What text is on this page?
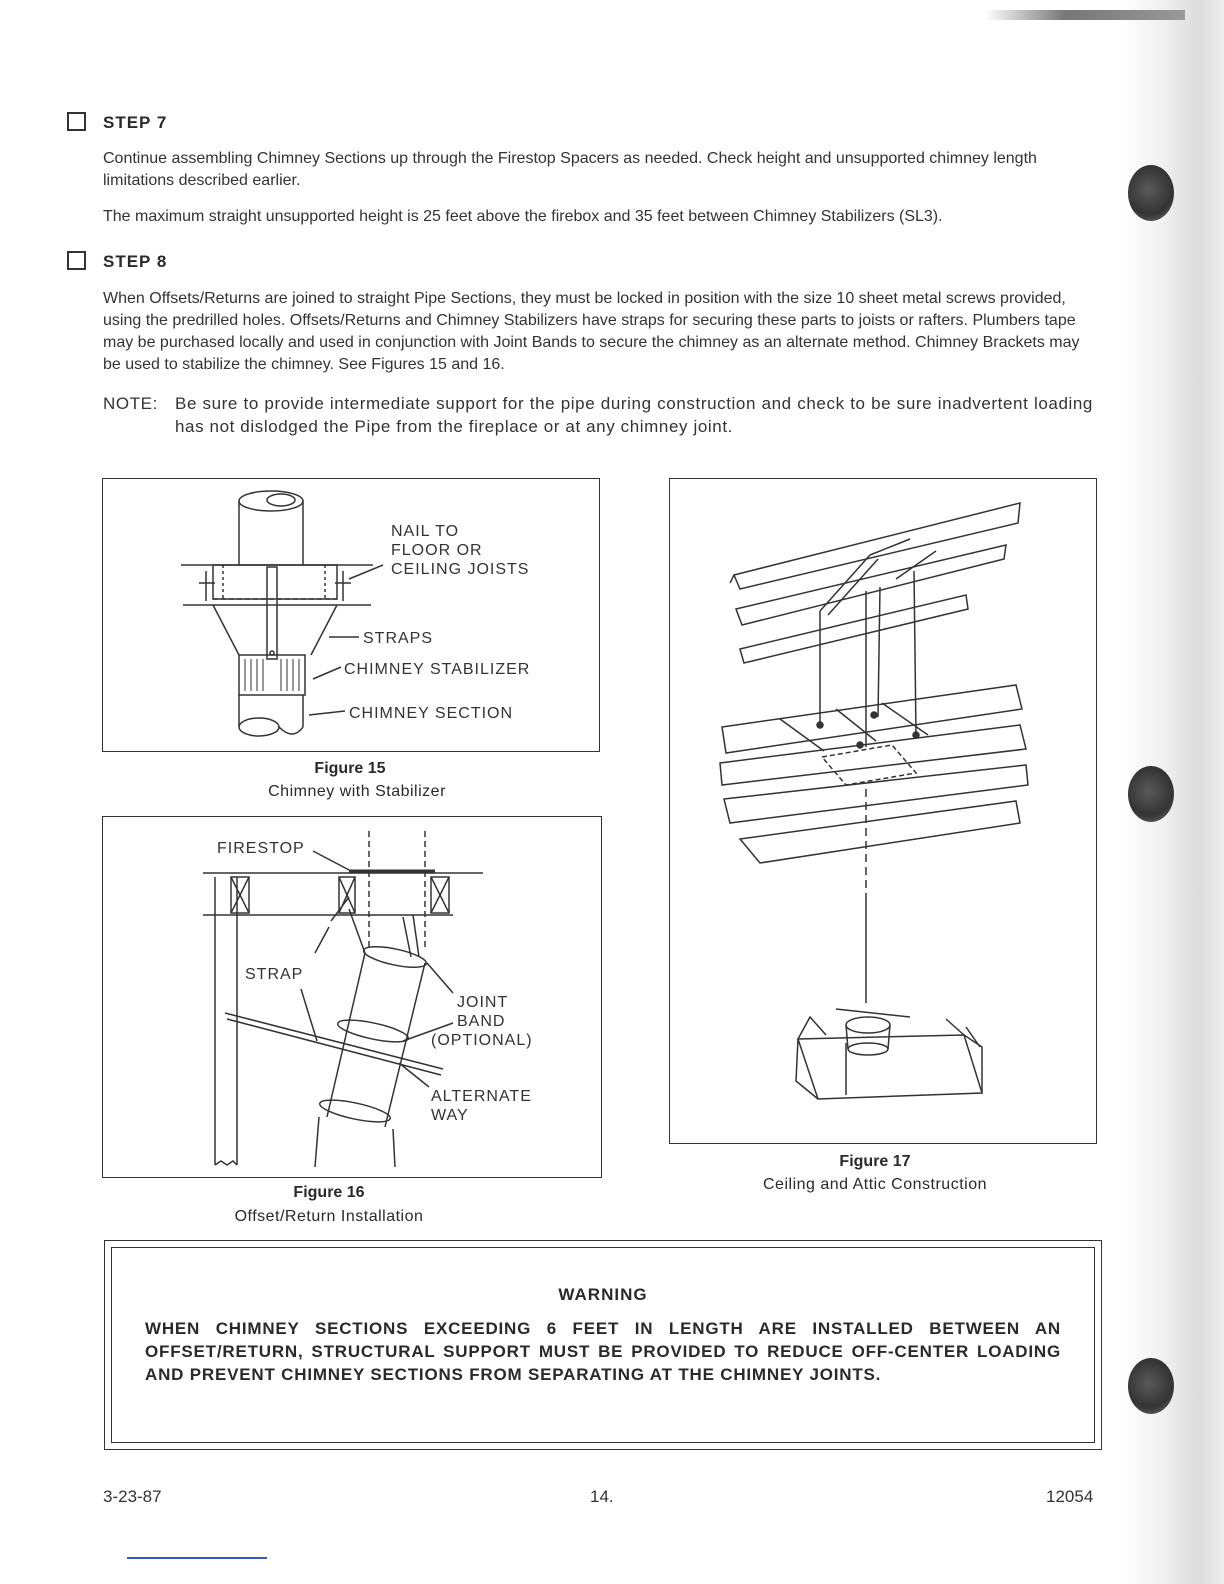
STEP 7
Continue assembling Chimney Sections up through the Firestop Spacers as needed. Check height and unsupported chimney length limitations described earlier.
The maximum straight unsupported height is 25 feet above the firebox and 35 feet between Chimney Stabilizers (SL3).
STEP 8
When Offsets/Returns are joined to straight Pipe Sections, they must be locked in position with the size 10 sheet metal screws provided, using the predrilled holes. Offsets/Returns and Chimney Stabilizers have straps for securing these parts to joists or rafters. Plumbers tape may be purchased locally and used in conjunction with Joint Bands to secure the chimney as an alternate method. Chimney Brackets may be used to stabilize the chimney. See Figures 15 and 16.
NOTE:	Be sure to provide intermediate support for the pipe during construction and check to be sure inadvertent loading has not dislodged the Pipe from the fireplace or at any chimney joint.
NAIL TO
FLOOR OR
CEILING JOISTS
STRAPS
CHIMNEY STABILIZER
CHIMNEY SECTION
Figure 15
Chimney with Stabilizer
FIRESTOP
STRAP
JOINT
BAND
(OPTIONAL)
ALTERNATE
WAY
Figure 16
Offset/Return Installation
Figure 17
Ceiling and Attic Construction
WARNING
WHEN CHIMNEY SECTIONS EXCEEDING 6 FEET IN LENGTH ARE INSTALLED BETWEEN AN OFFSET/RETURN, STRUCTURAL SUPPORT MUST BE PROVIDED TO REDUCE OFF-CENTER LOADING AND PREVENT CHIMNEY SECTIONS FROM SEPARATING AT THE CHIMNEY JOINTS.
3-23-87	14.	12054
